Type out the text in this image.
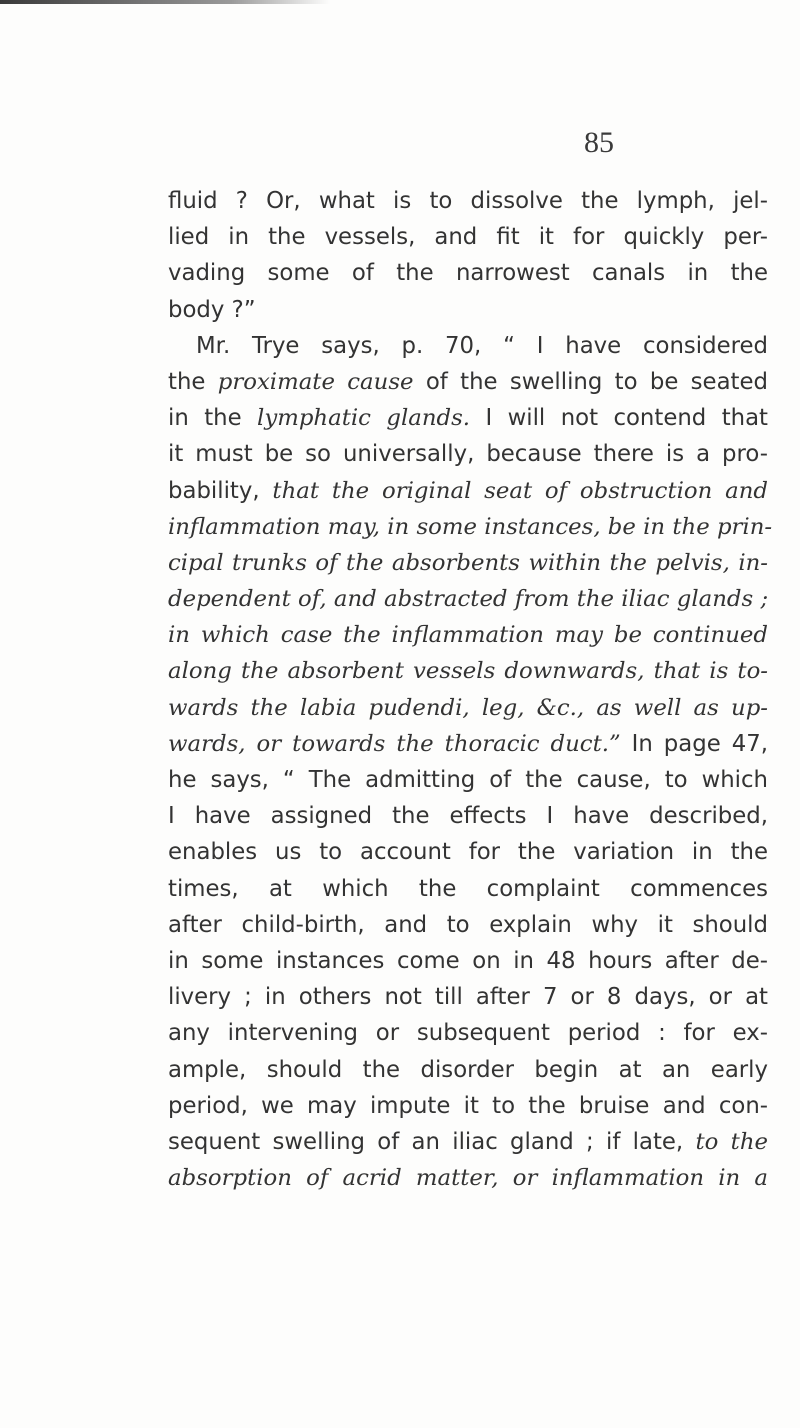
85
fluid ? Or, what is to dissolve the lymph, jel-
lied in the vessels, and fit it for quickly per-
vading some of the narrowest canals in the
body ?”
Mr. Trye says, p. 70, “ I have considered
the proximate cause of the swelling to be seated
in the lymphatic glands. I will not contend that
it must be so universally, because there is a pro-
bability, that the original seat of obstruction and
inflammation may, in some instances, be in the prin-
cipal trunks of the absorbents within the pelvis, in-
dependent of, and abstracted from the iliac glands ;
in which case the inflammation may be continued
along the absorbent vessels downwards, that is to-
wards the labia pudendi, leg, &c., as well as up-
wards, or towards the thoracic duct.” In page 47,
he says, “ The admitting of the cause, to which
I have assigned the effects I have described,
enables us to account for the variation in the
times, at which the complaint commences
after child-birth, and to explain why it should
in some instances come on in 48 hours after de-
livery ; in others not till after 7 or 8 days, or at
any intervening or subsequent period : for ex-
ample, should the disorder begin at an early
period, we may impute it to the bruise and con-
sequent swelling of an iliac gland ; if late, to the
absorption of acrid matter, or inflammation in a
